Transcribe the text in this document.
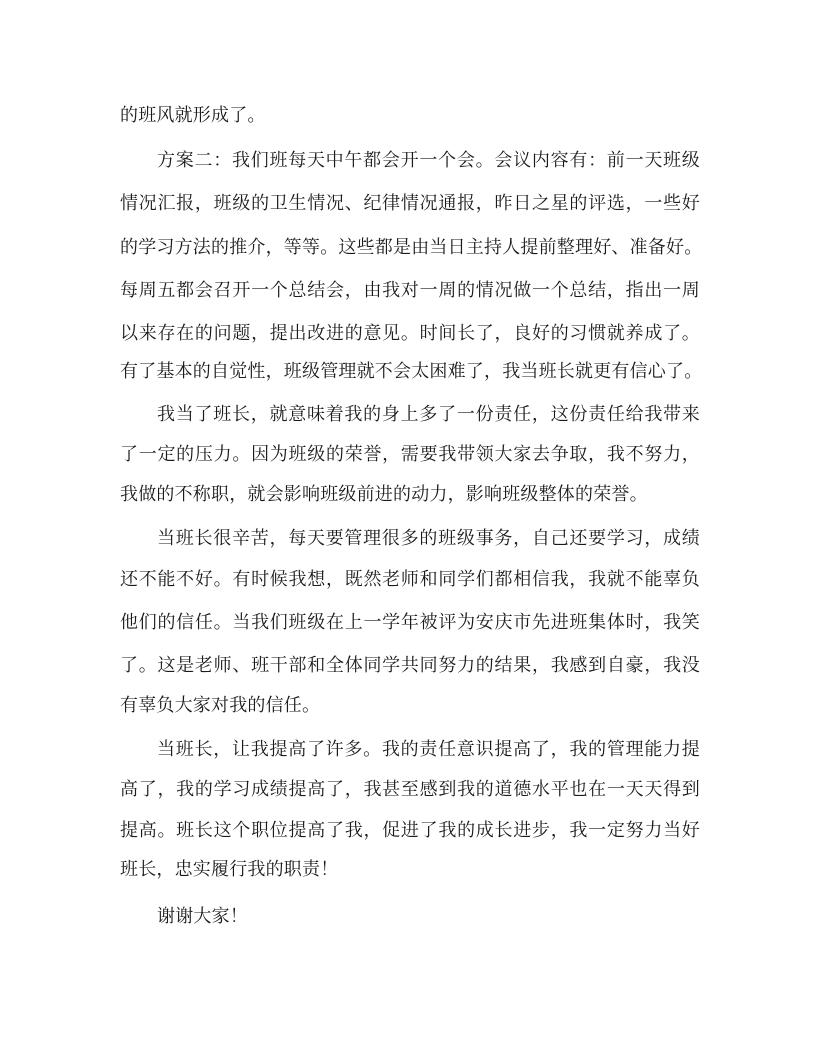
的班风就形成了。
方案二：我们班每天中午都会开一个会。会议内容有：前一天班级
情况汇报，班级的卫生情况、纪律情况通报，昨日之星的评选，一些好
的学习方法的推介，等等。这些都是由当日主持人提前整理好、准备好。
每周五都会召开一个总结会，由我对一周的情况做一个总结，指出一周
以来存在的问题，提出改进的意见。时间长了，良好的习惯就养成了。
有了基本的自觉性，班级管理就不会太困难了，我当班长就更有信心了。
我当了班长，就意味着我的身上多了一份责任，这份责任给我带来
了一定的压力。因为班级的荣誉，需要我带领大家去争取，我不努力，
我做的不称职，就会影响班级前进的动力，影响班级整体的荣誉。
当班长很辛苦，每天要管理很多的班级事务，自己还要学习，成绩
还不能不好。有时候我想，既然老师和同学们都相信我，我就不能辜负
他们的信任。当我们班级在上一学年被评为安庆市先进班集体时，我笑
了。这是老师、班干部和全体同学共同努力的结果，我感到自豪，我没
有辜负大家对我的信任。
当班长，让我提高了许多。我的责任意识提高了，我的管理能力提
高了，我的学习成绩提高了，我甚至感到我的道德水平也在一天天得到
提高。班长这个职位提高了我，促进了我的成长进步，我一定努力当好
班长，忠实履行我的职责！
谢谢大家！
